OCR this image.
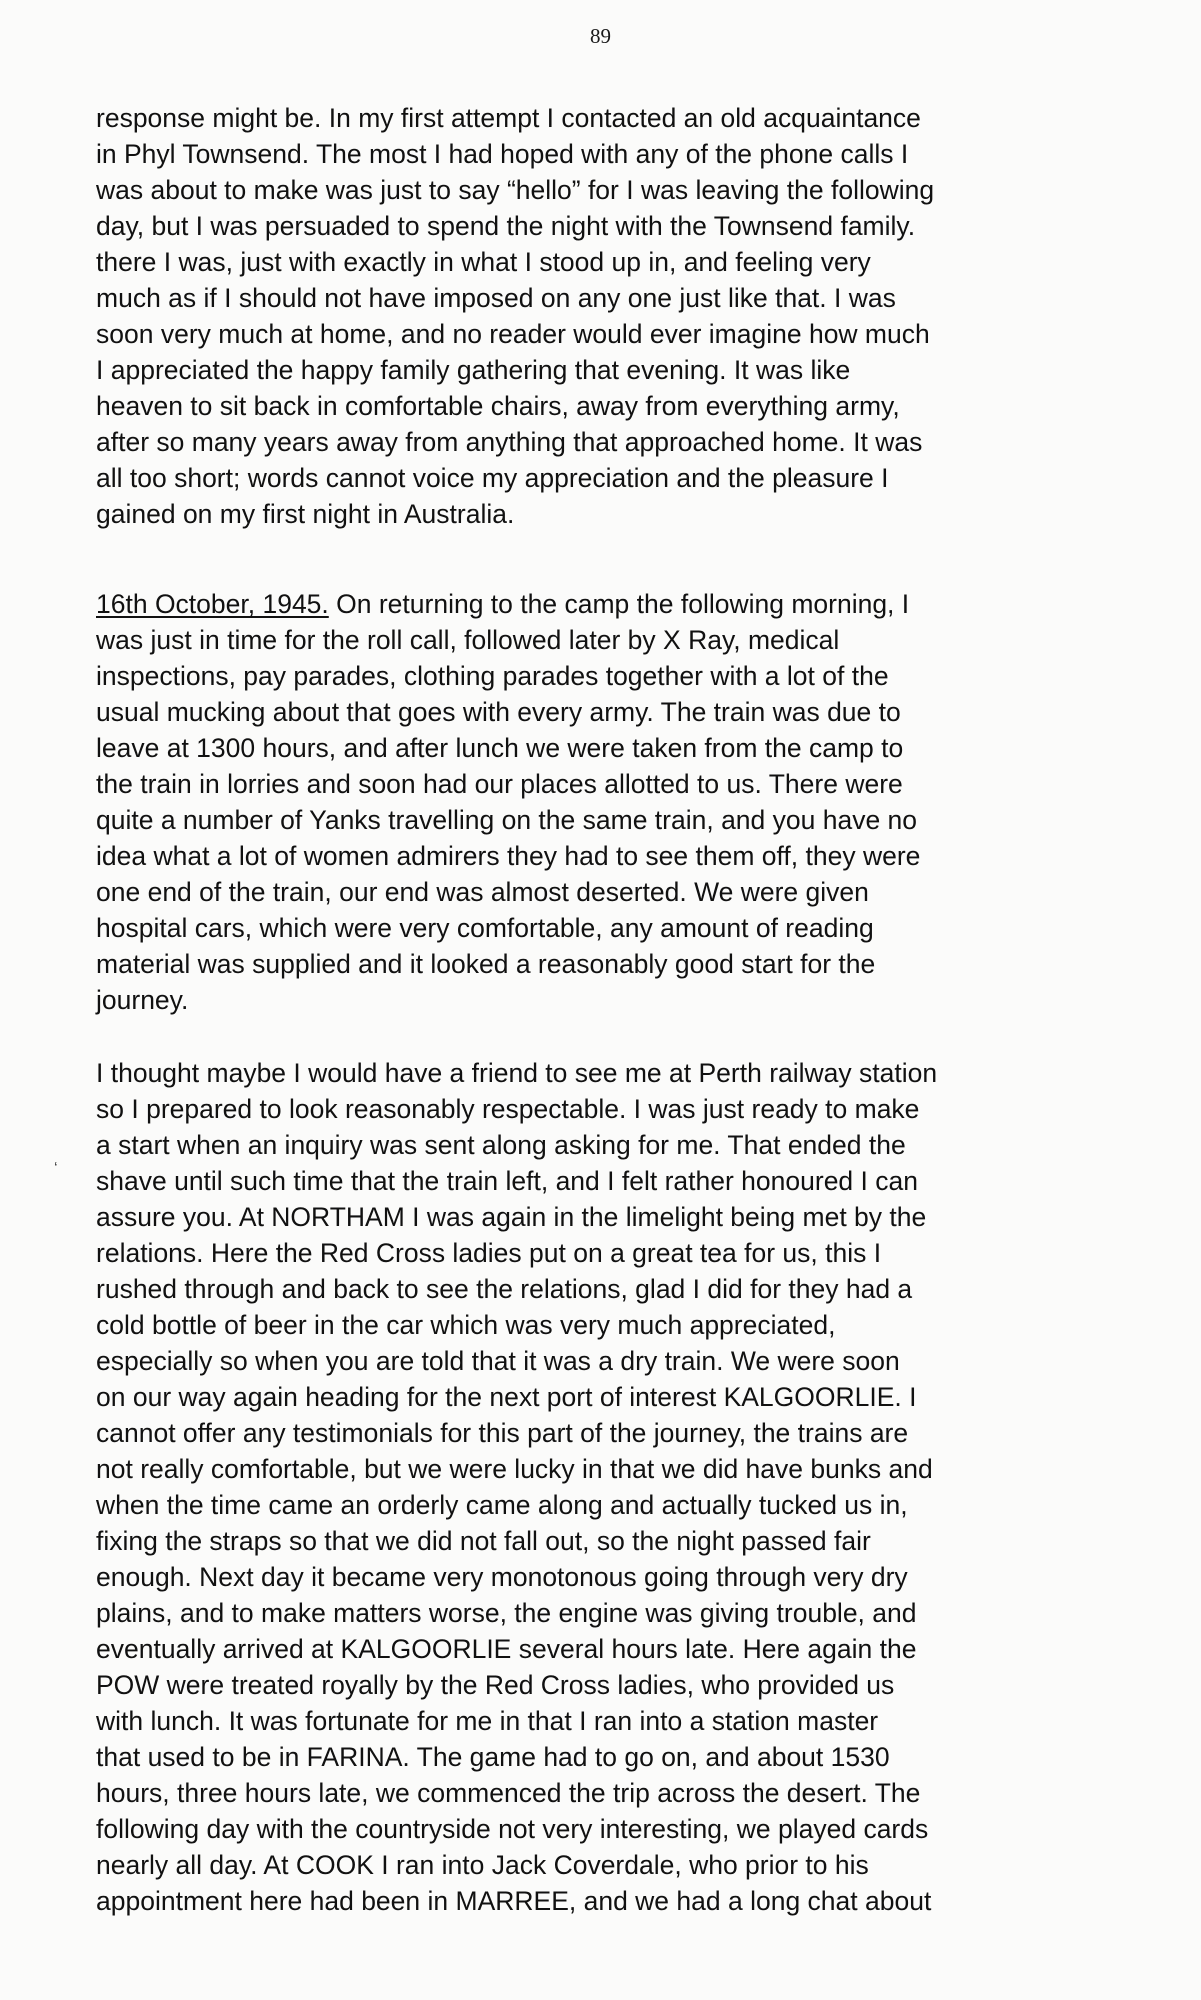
89
response might be. In my first attempt I contacted an old acquaintance
in Phyl Townsend. The most I had hoped with any of the phone calls I
was about to make was just to say “hello” for I was leaving the following
day, but I was persuaded to spend the night with the Townsend family.
there I was, just with exactly in what I stood up in, and feeling very
much as if I should not have imposed on any one just like that. I was
soon very much at home, and no reader would ever imagine how much
I appreciated the happy family gathering that evening. It was like
heaven to sit back in comfortable chairs, away from everything army,
after so many years away from anything that approached home. It was
all too short; words cannot voice my appreciation and the pleasure I
gained on my first night in Australia.
16th October, 1945. On returning to the camp the following morning, I
was just in time for the roll call, followed later by X Ray, medical
inspections, pay parades, clothing parades together with a lot of the
usual mucking about that goes with every army. The train was due to
leave at 1300 hours, and after lunch we were taken from the camp to
the train in lorries and soon had our places allotted to us. There were
quite a number of Yanks travelling on the same train, and you have no
idea what a lot of women admirers they had to see them off, they were
one end of the train, our end was almost deserted. We were given
hospital cars, which were very comfortable, any amount of reading
material was supplied and it looked a reasonably good start for the
journey.
I thought maybe I would have a friend to see me at Perth railway station
so I prepared to look reasonably respectable. I was just ready to make
a start when an inquiry was sent along asking for me. That ended the
shave until such time that the train left, and I felt rather honoured I can
assure you. At NORTHAM I was again in the limelight being met by the
relations. Here the Red Cross ladies put on a great tea for us, this I
rushed through and back to see the relations, glad I did for they had a
cold bottle of beer in the car which was very much appreciated,
especially so when you are told that it was a dry train. We were soon
on our way again heading for the next port of interest KALGOORLIE. I
cannot offer any testimonials for this part of the journey, the trains are
not really comfortable, but we were lucky in that we did have bunks and
when the time came an orderly came along and actually tucked us in,
fixing the straps so that we did not fall out, so the night passed fair
enough. Next day it became very monotonous going through very dry
plains, and to make matters worse, the engine was giving trouble, and
eventually arrived at KALGOORLIE several hours late. Here again the
POW were treated royally by the Red Cross ladies, who provided us
with lunch. It was fortunate for me in that I ran into a station master
that used to be in FARINA. The game had to go on, and about 1530
hours, three hours late, we commenced the trip across the desert. The
following day with the countryside not very interesting, we played cards
nearly all day. At COOK I ran into Jack Coverdale, who prior to his
appointment here had been in MARREE, and we had a long chat about
‘
